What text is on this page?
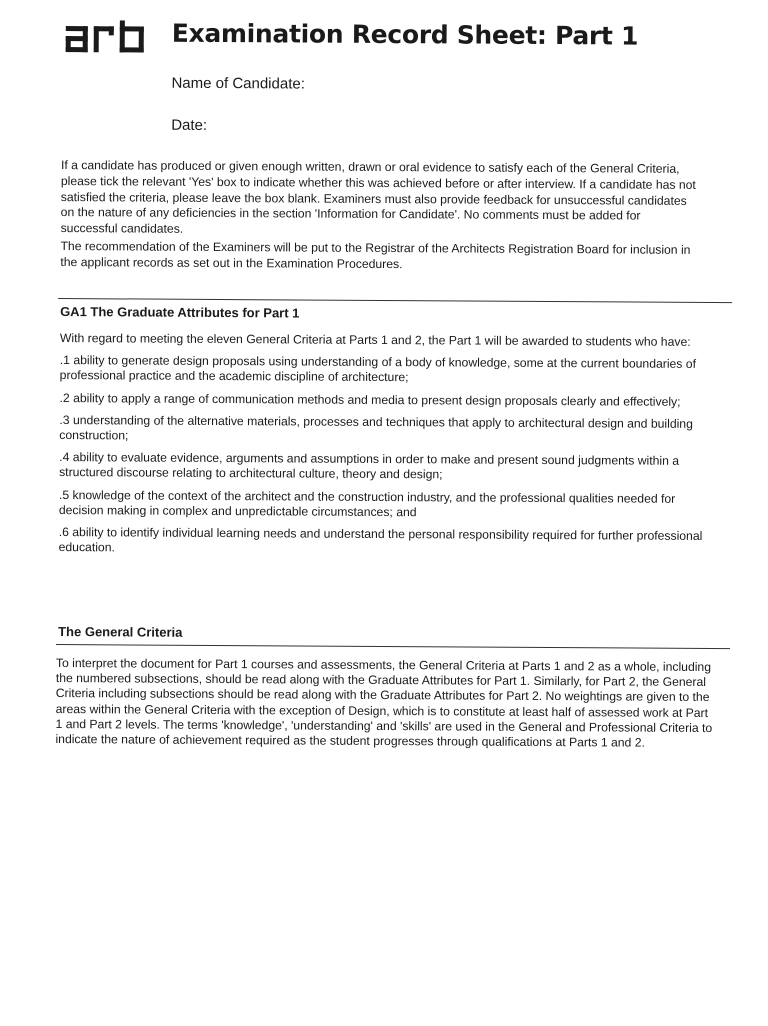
Examination Record Sheet: Part 1
Name of Candidate:
Date:

If a candidate has produced or given enough written, drawn or oral evidence to satisfy each of the General Criteria, please tick the relevant 'Yes' box to indicate whether this was achieved before or after interview. If a candidate has not satisfied the criteria, please leave the box blank. Examiners must also provide feedback for unsuccessful candidates on the nature of any deficiencies in the section 'Information for Candidate'. No comments must be added for successful candidates.

The recommendation of the Examiners will be put to the Registrar of the Architects Registration Board for inclusion in the applicant records as set out in the Examination Procedures.

GA1 The Graduate Attributes for Part 1

With regard to meeting the eleven General Criteria at Parts 1 and 2, the Part 1 will be awarded to students who have:

.1 ability to generate design proposals using understanding of a body of knowledge, some at the current boundaries of professional practice and the academic discipline of architecture;

.2 ability to apply a range of communication methods and media to present design proposals clearly and effectively;

.3 understanding of the alternative materials, processes and techniques that apply to architectural design and building construction;

.4 ability to evaluate evidence, arguments and assumptions in order to make and present sound judgments within a structured discourse relating to architectural culture, theory and design;

.5 knowledge of the context of the architect and the construction industry, and the professional qualities needed for decision making in complex and unpredictable circumstances; and

.6 ability to identify individual learning needs and understand the personal responsibility required for further professional education.

The General Criteria

To interpret the document for Part 1 courses and assessments, the General Criteria at Parts 1 and 2 as a whole, including the numbered subsections, should be read along with the Graduate Attributes for Part 1. Similarly, for Part 2, the General Criteria including subsections should be read along with the Graduate Attributes for Part 2. No weightings are given to the areas within the General Criteria with the exception of Design, which is to constitute at least half of assessed work at Part 1 and Part 2 levels. The terms 'knowledge', 'understanding' and 'skills' are used in the General and Professional Criteria to indicate the nature of achievement required as the student progresses through qualifications at Parts 1 and 2.
